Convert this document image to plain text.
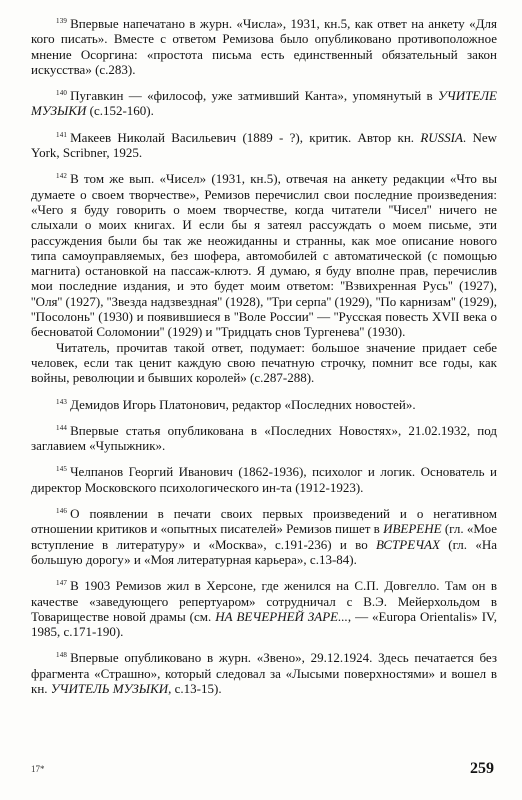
$^{139}$ Впервые напечатано в журн. «Числа», 1931, кн.5, как ответ на анкету «Для кого писать». Вместе с ответом Ремизова было опубликовано противоположное мнение Осоргина: «простота письма есть единственный обязательный закон искусства» (с.283).

$^{140}$ Пугавкин — «философ, уже затмивший Канта», упомянутый в УЧИТЕЛЕ МУЗЫКИ (с.152-160).

$^{141}$ Макеев Николай Васильевич (1889 - ?), критик. Автор кн. RUSSIA. New York, Scribner, 1925.

$^{142}$ В том же вып. «Чисел» (1931, кн.5), отвечая на анкету редакции «Что вы думаете о своем творчестве», Ремизов перечислил свои последние произведения: «Чего я буду говорить о моем творчестве, когда читатели ''Чисел'' ничего не слыхали о моих книгах. И если бы я затеял рассуждать о моем письме, эти рассуждения были бы так же неожиданны и странны, как мое описание нового типа самоуправляемых, без шофера, автомобилей с автоматической (с помощью магнита) остановкой на пассаж-клютэ. Я думаю, я буду вполне прав, перечислив мои последние издания, и это будет моим ответом: ''Взвихренная Русь'' (1927), ''Оля'' (1927), ''Звезда надзвездная'' (1928), ''Три серпа'' (1929), ''По карнизам'' (1929), ''Посолонь'' (1930) и появившиеся в ''Воле России'' — ''Русская повесть XVII века о бесноватой Соломонии'' (1929) и ''Тридцать снов Тургенева'' (1930).

Читатель, прочитав такой ответ, подумает: большое значение придает себе человек, если так ценит каждую свою печатную строчку, помнит все годы, как войны, революции и бывших королей» (с.287-288).

$^{143}$ Демидов Игорь Платонович, редактор «Последних новостей».

$^{144}$ Впервые статья опубликована в «Последних Новостях», 21.02.1932, под заглавием «Чупыжник».

$^{145}$ Челпанов Георгий Иванович (1862-1936), психолог и логик. Основатель и директор Московского психологического ин-та (1912-1923).

$^{146}$ О появлении в печати своих первых произведений и о негативном отношении критиков и «опытных писателей» Ремизов пишет в ИВЕРЕНЕ (гл. «Мое вступление в литературу» и «Москва», с.191-236) и во ВСТРЕЧАХ (гл. «На большую дорогу» и «Моя литературная карьера», с.13-84).

$^{147}$ В 1903 Ремизов жил в Херсоне, где женился на С.П. Довгелло. Там он в качестве «заведующего репертуаром» сотрудничал с В.Э. Мейерхольдом в Товариществе новой драмы (см. НА ВЕЧЕРНЕЙ ЗАРЕ..., — «Europa Orientalis» IV, 1985, с.171-190).

$^{148}$ Впервые опубликовано в журн. «Звено», 29.12.1924. Здесь печатается без фрагмента «Страшно», который следовал за «Лысыми поверхностями» и вошел в кн. УЧИТЕЛЬ МУЗЫКИ, с.13-15).

17*	259
